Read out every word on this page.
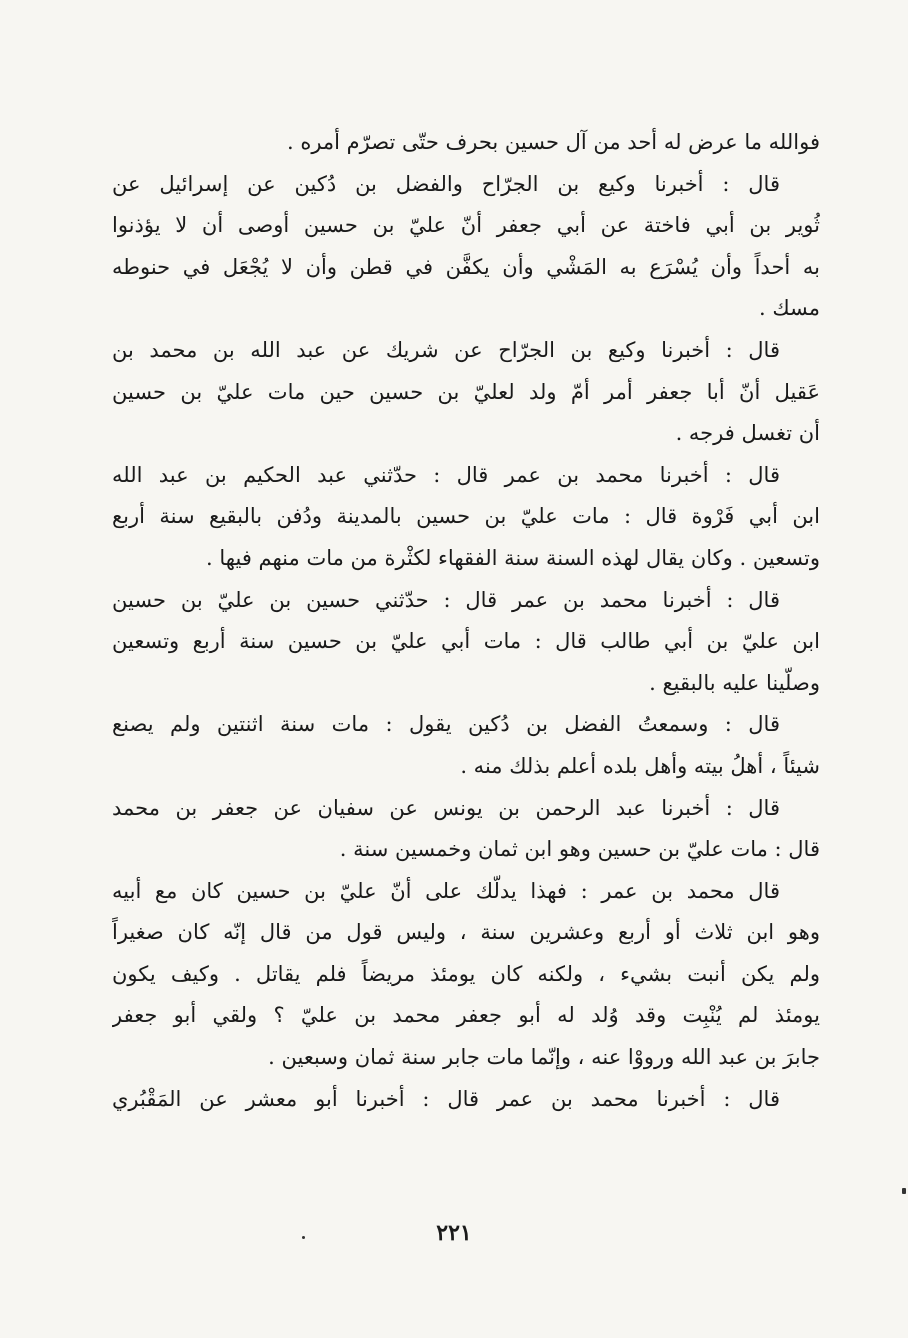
فوالله ما عرض له أحد من آل حسين بحرف حتّى تصرّم أمره .
قال : أخبرنا وكيع بن الجرّاح والفضل بن دُكين عن إسرائيل عن
ثُوير بن أبي فاختة عن أبي جعفر أنّ عليّ بن حسين أوصى أن لا يؤذنوا
به أحداً وأن يُسْرَع به المَشْي وأن يكفَّن في قطن وأن لا يُجْعَل في حنوطه
مسك .
قال : أخبرنا وكيع بن الجرّاح عن شريك عن عبد الله بن محمد بن
عَقيل أنّ أبا جعفر أمر أمّ ولد لعليّ بن حسين حين مات عليّ بن حسين
أن تغسل فرجه .
قال : أخبرنا محمد بن عمر قال : حدّثني عبد الحكيم بن عبد الله
ابن أبي فَرْوة قال : مات عليّ بن حسين بالمدينة ودُفن بالبقيع سنة أربع
وتسعين . وكان يقال لهذه السنة سنة الفقهاء لكثْرة من مات منهم فيها .
قال : أخبرنا محمد بن عمر قال : حدّثني حسين بن عليّ بن حسين
ابن عليّ بن أبي طالب قال : مات أبي عليّ بن حسين سنة أربع وتسعين
وصلّينا عليه بالبقيع .
قال : وسمعتُ الفضل بن دُكين يقول : مات سنة اثنتين ولم يصنع
شيئاً ، أهلُ بيته وأهل بلده أعلم بذلك منه .
قال : أخبرنا عبد الرحمن بن يونس عن سفيان عن جعفر بن محمد
قال : مات عليّ بن حسين وهو ابن ثمان وخمسين سنة .
قال محمد بن عمر : فهذا يدلّك على أنّ عليّ بن حسين كان مع أبيه
وهو ابن ثلاث أو أربع وعشرين سنة ، وليس قول من قال إنّه كان صغيراً
ولم يكن أنبت بشيء ، ولكنه كان يومئذ مريضاً فلم يقاتل . وكيف يكون
يومئذ لم يُنْبِت وقد وُلد له أبو جعفر محمد بن عليّ ؟ ولقي أبو جعفر
جابرَ بن عبد الله ورووْا عنه ، وإنّما مات جابر سنة ثمان وسبعين .
قال : أخبرنا محمد بن عمر قال : أخبرنا أبو معشر عن المَقْبُري
٢٢١
